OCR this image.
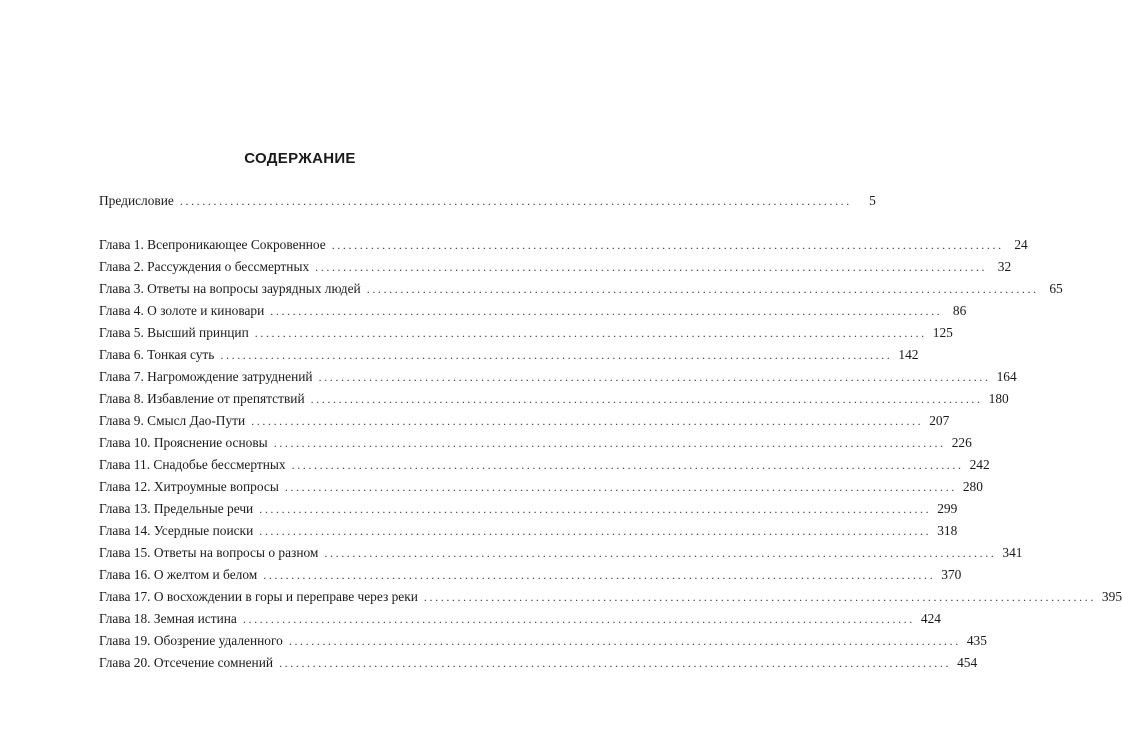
СОДЕРЖАНИЕ
Предисловие ........................................................................................................................	5
Глава 1. Всепроникающее Сокровенное ........................................................................................................................ 24
Глава 2. Рассуждения о бессмертных ........................................................................................................................ 32
Глава 3. Ответы на вопросы заурядных людей ........................................................................................................................ 65
Глава 4. О золоте и киновари ........................................................................................................................ 86
Глава 5. Высший принцип ........................................................................................................................ 125
Глава 6. Тонкая суть ........................................................................................................................ 142
Глава 7. Нагромождение затруднений ........................................................................................................................ 164
Глава 8. Избавление от препятствий ........................................................................................................................ 180
Глава 9. Смысл Дао-Пути ........................................................................................................................ 207
Глава 10. Прояснение основы ........................................................................................................................ 226
Глава 11. Снадобье бессмертных ........................................................................................................................ 242
Глава 12. Хитроумные вопросы ........................................................................................................................ 280
Глава 13. Предельные речи ........................................................................................................................ 299
Глава 14. Усердные поиски ........................................................................................................................ 318
Глава 15. Ответы на вопросы о разном ........................................................................................................................ 341
Глава 16. О желтом и белом ........................................................................................................................ 370
Глава 17. О восхождении в горы и переправе через реки ........................................................................................................................ 395
Глава 18. Земная истина ........................................................................................................................ 424
Глава 19. Обозрение удаленного ........................................................................................................................ 435
Глава 20. Отсечение сомнений ........................................................................................................................ 454
